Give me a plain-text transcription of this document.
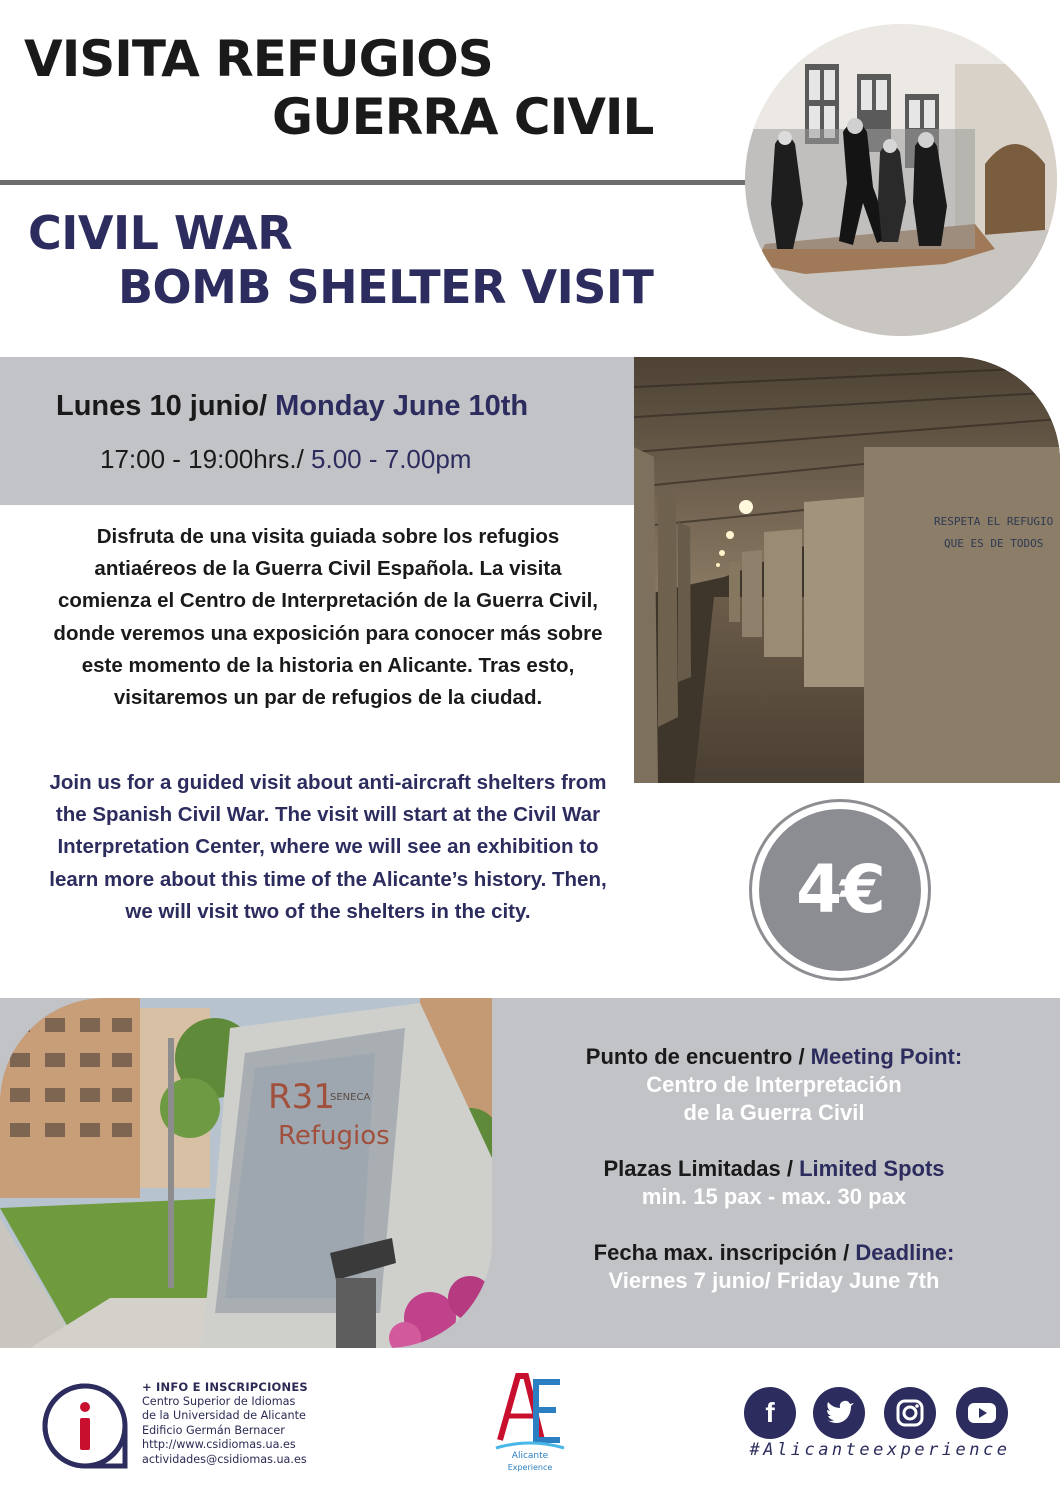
VISITA REFUGIOS
GUERRA CIVIL
CIVIL WAR
BOMB SHELTER VISIT
Lunes 10 junio/ Monday June 10th
17:00 - 19:00hrs./ 5.00 - 7.00pm
RESPETA EL REFUGIO
QUE ES DE TODOS

Disfruta de una visita guiada sobre los refugios antiaéreos de la Guerra Civil Española. La visita comienza el Centro de Interpretación de la Guerra Civil, donde veremos una exposición para conocer más sobre este momento de la historia en Alicante. Tras esto, visitaremos un par de refugios de la ciudad.

Join us for a guided visit about anti-aircraft shelters from the Spanish Civil War. The visit will start at the Civil War Interpretation Center, where we will see an exhibition to learn more about this time of the Alicante’s history. Then, we will visit two of the shelters in the city.	4€
R31
SENECA
Refugios
Punto de encuentro / Meeting Point:
Centro de Interpretación
de la Guerra Civil
Plazas Limitadas / Limited Spots
min. 15 pax - max. 30 pax
Fecha max. inscripción / Deadline:
Viernes 7 junio/ Friday June 7th
+ INFO E INSCRIPCIONES
Centro Superior de Idiomas
de la Universidad de Alicante
Edificio Germán Bernacer
http://www.csidiomas.ua.es
actividades@csidiomas.ua.es	Alicante
Experience
f
#Alicanteexperience
